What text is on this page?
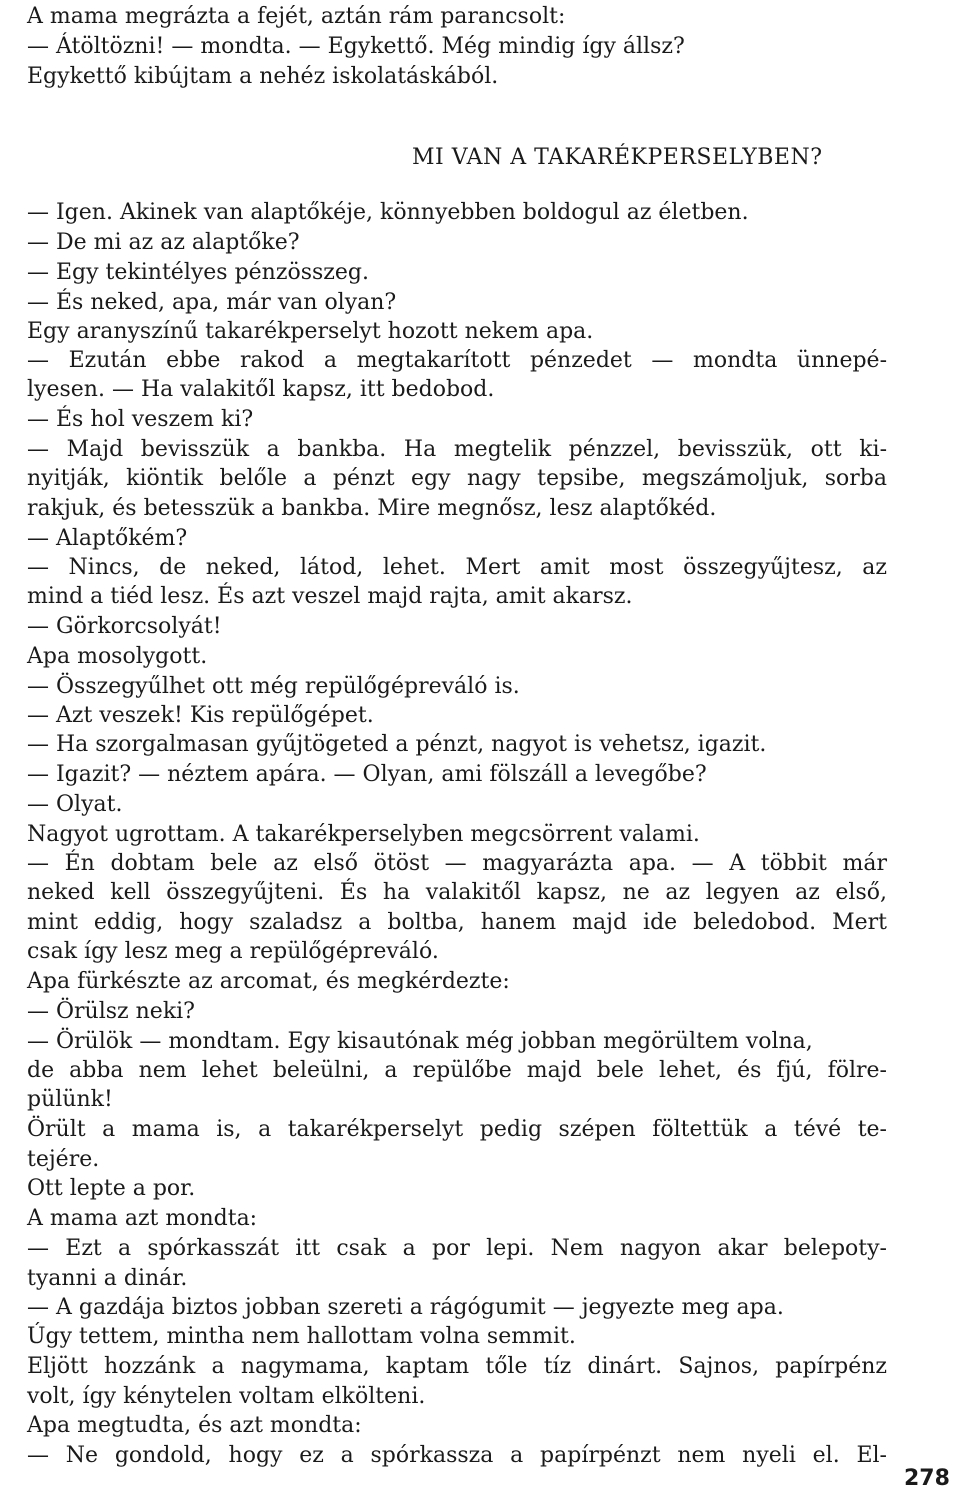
A mama megrázta a fejét, aztán rám parancsolt:
— Átöltözni! — mondta. — Egykettő. Még mindig így állsz?
Egykettő kibújtam a nehéz iskolatáskából.
MI VAN A TAKARÉKPERSELYBEN?
— Igen. Akinek van alaptőkéje, könnyebben boldogul az életben.
— De mi az az alaptőke?
— Egy tekintélyes pénzösszeg.
— És neked, apa, már van olyan?
Egy aranyszínű takarékperselyt hozott nekem apa.
— Ezután ebbe rakod a megtakarított pénzedet — mondta ünnepé-
lyesen. — Ha valakitől kapsz, itt bedobod.
— És hol veszem ki?
— Majd bevisszük a bankba. Ha megtelik pénzzel, bevisszük, ott ki-
nyitják, kiöntik belőle a pénzt egy nagy tepsibe, megszámoljuk, sorba
rakjuk, és betesszük a bankba. Mire megnősz, lesz alaptőkéd.
— Alaptőkém?
— Nincs, de neked, látod, lehet. Mert amit most összegyűjtesz, az
mind a tiéd lesz. És azt veszel majd rajta, amit akarsz.
— Görkorcsolyát!
Apa mosolygott.
— Összegyűlhet ott még repülőgépreváló is.
— Azt veszek! Kis repülőgépet.
— Ha szorgalmasan gyűjtögeted a pénzt, nagyot is vehetsz, igazit.
— Igazit? — néztem apára. — Olyan, ami fölszáll a levegőbe?
— Olyat.
Nagyot ugrottam. A takarékperselyben megcsörrent valami.
— Én dobtam bele az első ötöst — magyarázta apa. — A többit már
neked kell összegyűjteni. És ha valakitől kapsz, ne az legyen az első,
mint eddig, hogy szaladsz a boltba, hanem majd ide beledobod. Mert
csak így lesz meg a repülőgépreváló.
Apa fürkészte az arcomat, és megkérdezte:
— Örülsz neki?
— Örülök — mondtam. Egy kisautónak még jobban megörültem volna,
de abba nem lehet beleülni, a repülőbe majd bele lehet, és fjú, fölre-
pülünk!
Örült a mama is, a takarékperselyt pedig szépen föltettük a tévé te-
tejére.
Ott lepte a por.
A mama azt mondta:
— Ezt a spórkasszát itt csak a por lepi. Nem nagyon akar belepoty-
tyanni a dinár.
— A gazdája biztos jobban szereti a rágógumit — jegyezte meg apa.
Úgy tettem, mintha nem hallottam volna semmit.
Eljött hozzánk a nagymama, kaptam tőle tíz dinárt. Sajnos, papírpénz
volt, így kénytelen voltam elkölteni.
Apa megtudta, és azt mondta:
— Ne gondold, hogy ez a spórkassza a papírpénzt nem nyeli el. El-
278
